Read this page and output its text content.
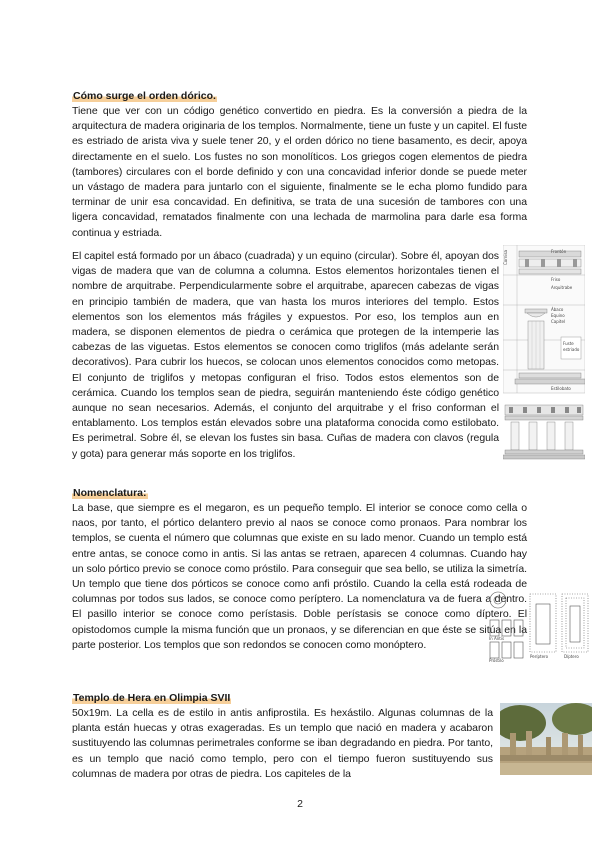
Cómo surge el orden dórico.

Tiene que ver con un código genético convertido en piedra. Es la conversión a piedra de la arquitectura de madera originaria de los templos. Normalmente, tiene un fuste y un capitel. El fuste es estriado de arista viva y suele tener 20, y el orden dórico no tiene basamento, es decir, apoya directamente en el suelo. Los fustes no son monolíticos. Los griegos cogen elementos de piedra (tambores) circulares con el borde definido y con una concavidad inferior donde se puede meter un vástago de madera para juntarlo con el siguiente, finalmente se le echa plomo fundido para terminar de unir esa concavidad. En definitiva, se trata de una sucesión de tambores con una ligera concavidad, rematados finalmente con una lechada de marmolina para darle esa forma continua y estriada.

El capitel está formado por un ábaco (cuadrada) y un equino (circular). Sobre él, apoyan dos vigas de madera que van de columna a columna. Estos elementos horizontales tienen el nombre de arquitrabe. Perpendicularmente sobre el arquitrabe, aparecen cabezas de vigas en principio también de madera, que van hasta los muros interiores del templo. Estos elementos son los elementos más frágiles y expuestos. Por eso, los templos aun en madera, se disponen elementos de piedra o cerámica que protegen de la intemperie las cabezas de las viguetas. Estos elementos se conocen como triglifos (más adelante serán decorativos). Para cubrir los huecos, se colocan unos elementos conocidos como metopas. El conjunto de triglifos y metopas configuran el friso. Todos estos elementos son de cerámica. Cuando los templos sean de piedra, seguirán manteniendo éste código genético aunque no sean necesarios. Además, el conjunto del arquitrabe y el friso conforman el entablamento. Los templos están elevados sobre una plataforma conocida como estilobato. Es perimetral. Sobre él, se elevan los fustes sin basa. Cuñas de madera con clavos (regula y gota) para generar más soporte en los triglifos.

Cornisa	Frontón
Friso
Arquitrabe
Ábaco
Equino
Capitel
Fuste
estriado
Estilobato
Nomenclatura:

La base, que siempre es el megaron, es un pequeño templo. El interior se conoce como cella o naos, por tanto, el pórtico delantero previo al naos se conoce como pronaos. Para nombrar los templos, se cuenta el número que columnas que existe en su lado menor. Cuando un templo está entre antas, se conoce como in antis. Si las antas se retraen, aparecen 4 columnas. Cuando hay un solo pórtico previo se conoce como próstilo. Para conseguir que sea bello, se utiliza la simetría. Un templo que tiene dos pórticos se conoce como anfi próstilo. Cuando la cella está rodeada de columnas por todos sus lados, se conoce como períptero. La nomenclatura va de fuera a dentro. El pasillo interior se conoce como perístasis. Doble perístasis se conoce como díptero. El opistodomos cumple la misma función que un pronaos, y se diferencian en que éste se sitúa en la parte posterior. Los templos que son redondos se conocen como monóptero.

In Antis
Próstilo
Períptero	Díptero
Templo de Hera en Olimpia SVII

50x19m. La cella es de estilo in antis anfiprostila. Es hexástilo. Algunas columnas de la planta están huecas y otras exageradas. Es un templo que nació en madera y acabaron sustituyendo las columnas perimetrales conforme se iban degradando en piedra. Por tanto, es un templo que nació como templo, pero con el tiempo fueron sustituyendo sus columnas de madera por otras de piedra. Los capiteles de la

2
